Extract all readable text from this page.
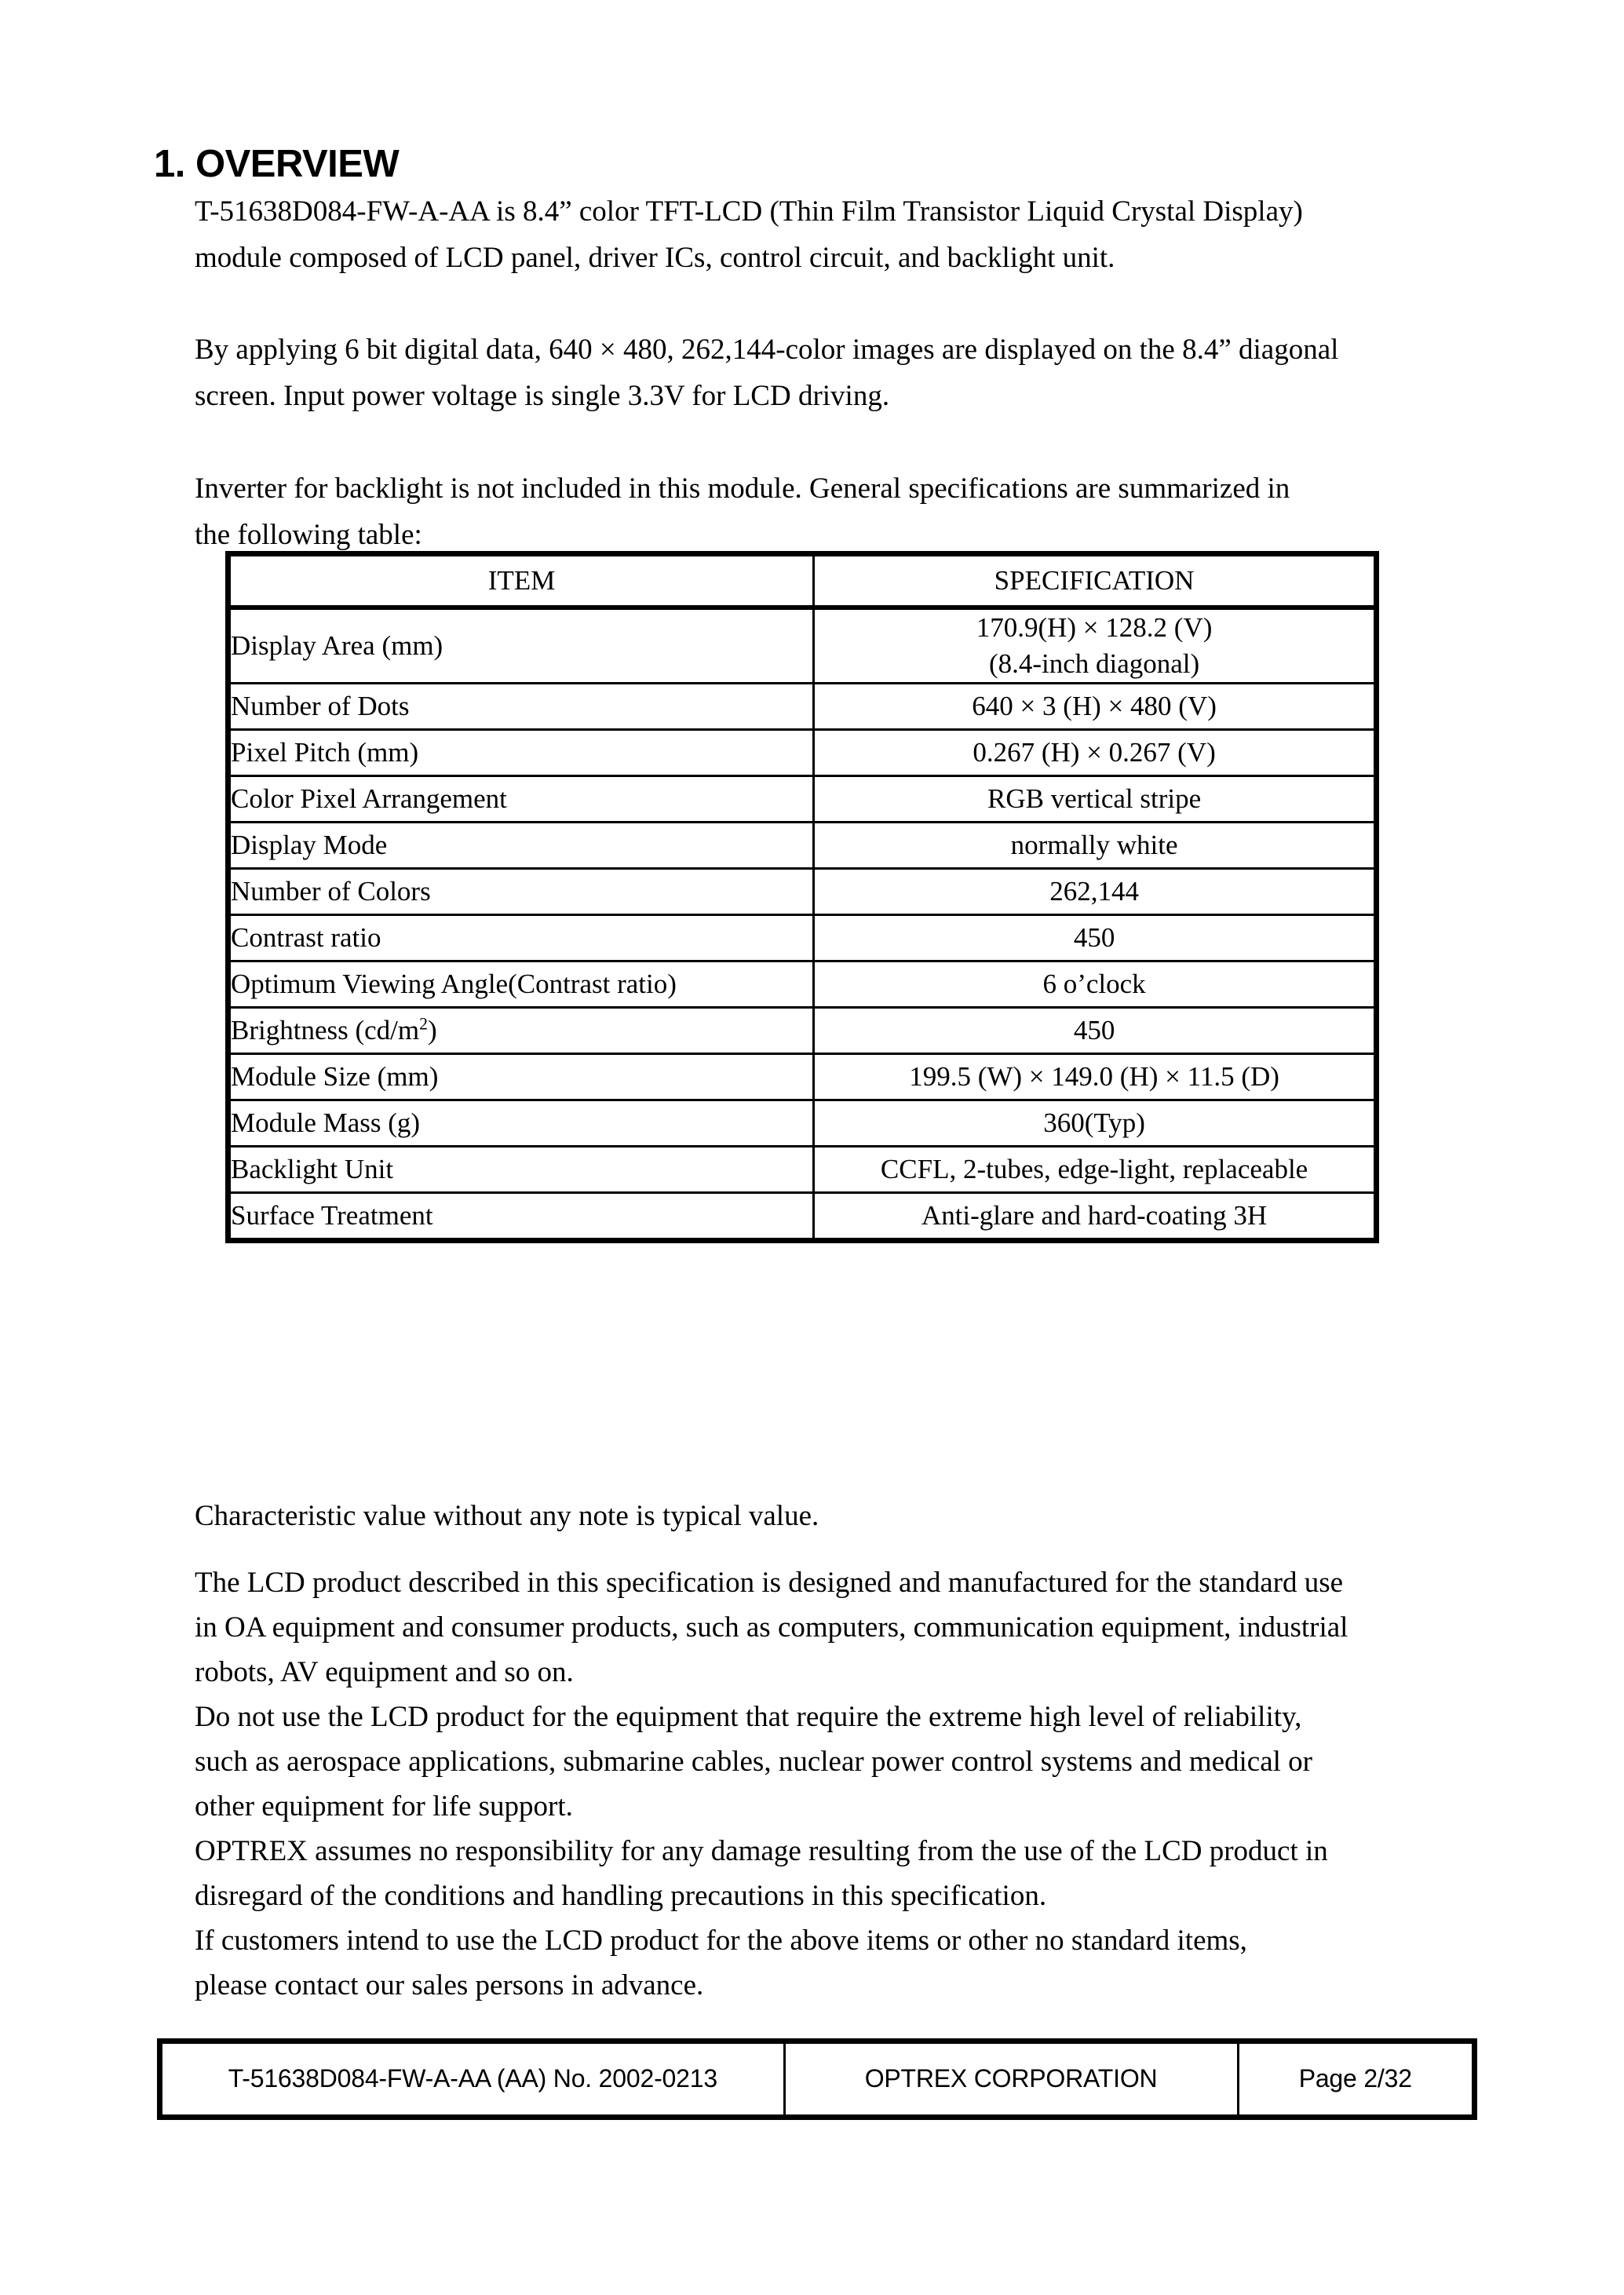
1. OVERVIEW

T-51638D084-FW-A-AA is 8.4” color TFT-LCD (Thin Film Transistor Liquid Crystal Display)

module composed of LCD panel, driver ICs, control circuit, and backlight unit.

By applying 6 bit digital data, 640 × 480, 262,144-color images are displayed on the 8.4” diagonal

screen. Input power voltage is single 3.3V for LCD driving.

Inverter for backlight is not included in this module. General specifications are summarized in

the following table:

ITEM	SPECIFICATION

Display Area (mm)	170.9(H) × 128.2 (V)
(8.4-inch diagonal)

Number of Dots	640 × 3 (H) × 480 (V)
Pixel Pitch (mm)	0.267 (H) × 0.267 (V)
Color Pixel Arrangement	RGB vertical stripe
Display Mode	normally white
Number of Colors	262,144
Contrast ratio	450
Optimum Viewing Angle(Contrast ratio)	6 o’clock
Brightness $(cd/m^2)$	450
Module Size (mm)	199.5 (W) × 149.0 (H) × 11.5 (D)
Module Mass (g)	360(Typ)
Backlight Unit	CCFL, 2-tubes, edge-light, replaceable
Surface Treatment	Anti-glare and hard-coating 3H
Characteristic value without any note is typical value.

The LCD product described in this specification is designed and manufactured for the standard use

in OA equipment and consumer products, such as computers, communication equipment, industrial

robots, AV equipment and so on.

Do not use the LCD product for the equipment that require the extreme high level of reliability,

such as aerospace applications, submarine cables, nuclear power control systems and medical or

other equipment for life support.

OPTREX assumes no responsibility for any damage resulting from the use of the LCD product in

disregard of the conditions and handling precautions in this specification.

If customers intend to use the LCD product for the above items or other no standard items,

please contact our sales persons in advance.

T-51638D084-FW-A-AA (AA) No. 2002-0213	OPTREX CORPORATION	Page 2/32
